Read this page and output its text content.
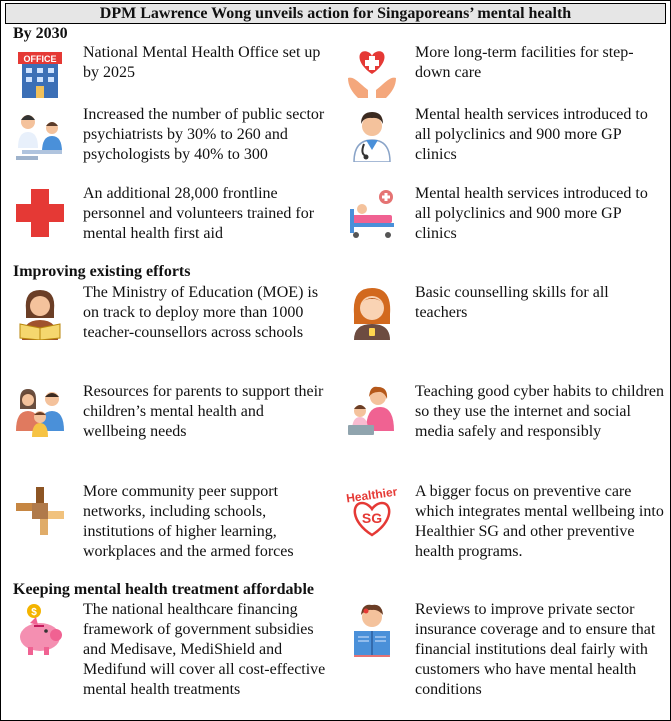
DPM Lawrence Wong unveils action for Singaporeans’ mental health
By 2030
OFFICE National Mental Health Office set up by 2025
More long-term facilities for step-down care
Increased the number of public sector psychiatrists by 30% to 260 and psychologists by 40% to 300
Mental health services introduced to all polyclinics and 900 more GP clinics
An additional 28,000 frontline personnel and volunteers trained for mental health first aid
Mental health services introduced to all polyclinics and 900 more GP clinics
Improving existing efforts
The Ministry of Education (MOE) is on track to deploy more than 1000 teacher-counsellors across schools
Basic counselling skills for all teachers
Resources for parents to support their children’s mental health and wellbeing needs
Teaching good cyber habits to children so they use the internet and social media safely and responsibly
More community peer support networks, including schools, institutions of higher learning, workplaces and the armed forces
Healthier
SG
A bigger focus on preventive care which integrates mental wellbeing into Healthier SG and other preventive health programs.
Keeping mental health treatment affordable
$	The national healthcare financing framework of government subsidies and Medisave, MediShield and Medifund will cover all cost-effective mental health treatments
Reviews to improve private sector insurance coverage and to ensure that financial institutions deal fairly with customers who have mental health conditions
